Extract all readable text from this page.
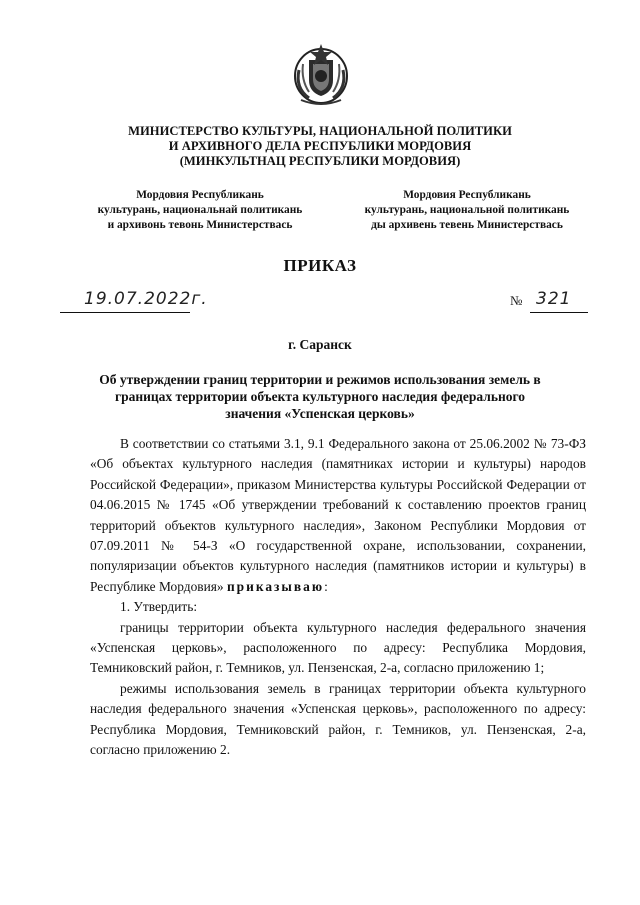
МИНИСТЕРСТВО КУЛЬТУРЫ, НАЦИОНАЛЬНОЙ ПОЛИТИКИ
И АРХИВНОГО ДЕЛА РЕСПУБЛИКИ МОРДОВИЯ
(МИНКУЛЬТНАЦ РЕСПУБЛИКИ МОРДОВИЯ)
Мордовия Республикань
культурань, национальнай политикань
и архивонь тевонь Министерствась
Мордовия Республикань
культурань, национальной политикань
ды архивень тевень Министерствась
ПРИКАЗ
19.07.2022г.	№ 321
г. Саранск
Об утверждении границ территории и режимов использования земель в
границах территории объекта культурного наследия федерального
значения «Успенская церковь»

В соответствии со статьями 3.1, 9.1 Федерального закона от 25.06.2002 № 73-ФЗ «Об объектах культурного наследия (памятниках истории и культуры) народов Российской Федерации», приказом Министерства культуры Российской Федерации от 04.06.2015 № 1745 «Об утверждении требований к составлению проектов границ территорий объектов культурного наследия», Законом Республики Мордовия от 07.09.2011 № 54-З «О государственной охране, использовании, сохранении, популяризации объектов культурного наследия (памятников истории и культуры) в Республике Мордовия» приказываю:

1. Утвердить:

границы территории объекта культурного наследия федерального значения «Успенская церковь», расположенного по адресу: Республика Мордовия, Темниковский район, г. Темников, ул. Пензенская, 2-а, согласно приложению 1;

режимы использования земель в границах территории объекта культурного наследия федерального значения «Успенская церковь», расположенного по адресу: Республика Мордовия, Темниковский район, г. Темников, ул. Пензенская, 2-а, согласно приложению 2.
